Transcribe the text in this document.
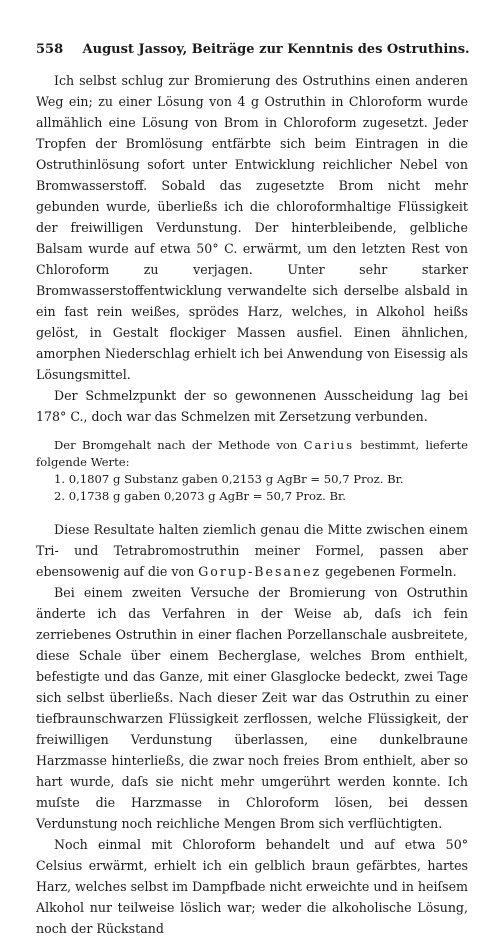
558 August Jassoy, Beiträge zur Kenntnis des Ostruthins.

Ich selbst schlug zur Bromierung des Ostruthins einen anderen Weg ein; zu einer Lösung von 4 g Ostruthin in Chloroform wurde allmählich eine Lösung von Brom in Chloroform zugesetzt. Jeder Tropfen der Bromlösung entfärbte sich beim Eintragen in die Ostruthinlösung sofort unter Entwicklung reichlicher Nebel von Bromwasserstoff. Sobald das zugesetzte Brom nicht mehr gebunden wurde, überließs ich die chloroformhaltige Flüssigkeit der freiwilligen Verdunstung. Der hinterbleibende, gelbliche Balsam wurde auf etwa 50° C. erwärmt, um den letzten Rest von Chloroform zu verjagen. Unter sehr starker Bromwasserstoffentwicklung verwandelte sich derselbe alsbald in ein fast rein weißes, sprödes Harz, welches, in Alkohol heißs gelöst, in Gestalt flockiger Massen ausfiel. Einen ähnlichen, amorphen Niederschlag erhielt ich bei Anwendung von Eisessig als Lösungsmittel.

Der Schmelzpunkt der so gewonnenen Ausscheidung lag bei 178° C., doch war das Schmelzen mit Zersetzung verbunden.

Der Bromgehalt nach der Methode von Carius bestimmt, lieferte folgende Werte:

1. 0,1807 g Substanz gaben 0,2153 g AgBr = 50,7 Proz. Br.
2. 0,1738 g gaben 0,2073 g AgBr = 50,7 Proz. Br.

Diese Resultate halten ziemlich genau die Mitte zwischen einem Tri- und Tetrabromostruthin meiner Formel, passen aber ebensowenig auf die von Gorup-Besanez gegebenen Formeln.

Bei einem zweiten Versuche der Bromierung von Ostruthin änderte ich das Verfahren in der Weise ab, daſs ich fein zerriebenes Ostruthin in einer flachen Porzellanschale ausbreitete, diese Schale über einem Becherglase, welches Brom enthielt, befestigte und das Ganze, mit einer Glasglocke bedeckt, zwei Tage sich selbst überließs. Nach dieser Zeit war das Ostruthin zu einer tiefbraunschwarzen Flüssigkeit zerflossen, welche Flüssigkeit, der freiwilligen Verdunstung überlassen, eine dunkelbraune Harzmasse hinterließs, die zwar noch freies Brom enthielt, aber so hart wurde, daſs sie nicht mehr umgerührt werden konnte. Ich muſste die Harzmasse in Chloroform lösen, bei dessen Verdunstung noch reichliche Mengen Brom sich verflüchtigten.

Noch einmal mit Chloroform behandelt und auf etwa 50° Celsius erwärmt, erhielt ich ein gelblich braun gefärbtes, hartes Harz, welches selbst im Dampfbade nicht erweichte und in heiſsem Alkohol nur teilweise löslich war; weder die alkoholische Lösung, noch der Rückstand
